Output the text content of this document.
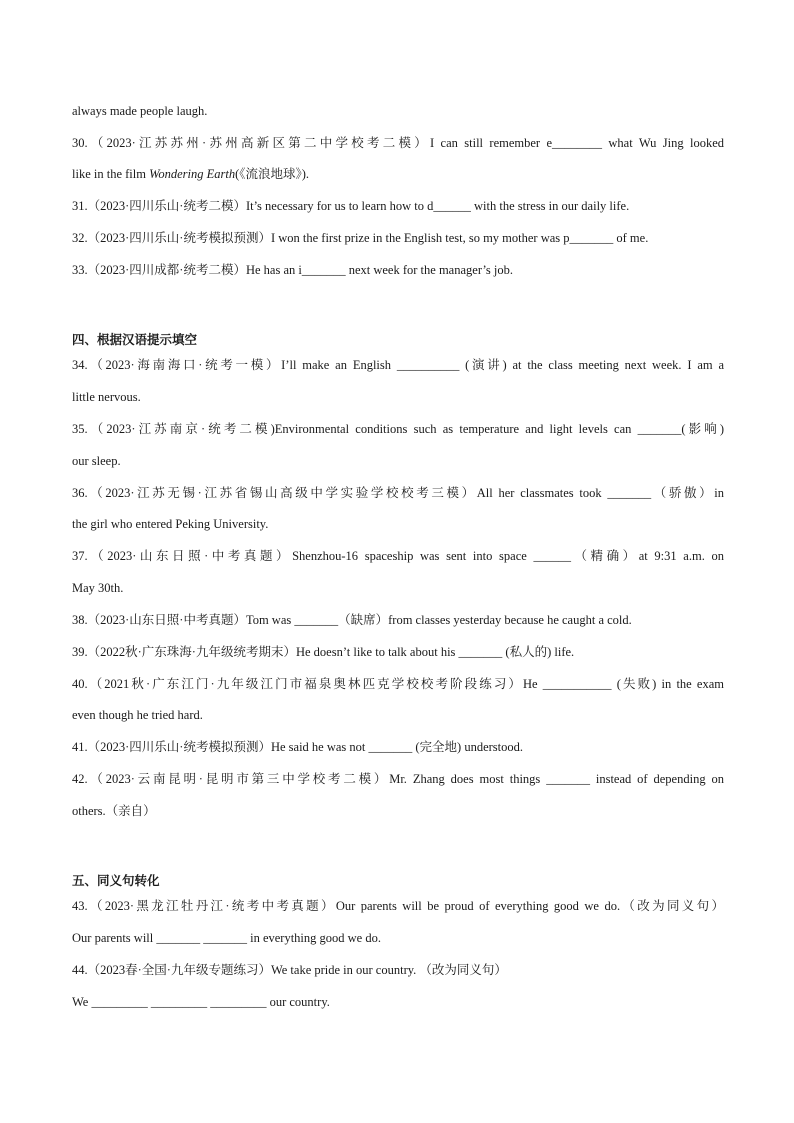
always made people laugh.
30.（2023·江苏苏州·苏州高新区第二中学校考二模）I can still remember e________ what Wu Jing looked
like in the film Wondering Earth(《流浪地球》).
31.（2023·四川乐山·统考二模）It’s necessary for us to learn how to d______ with the stress in our daily life.
32.（2023·四川乐山·统考模拟预测）I won the first prize in the English test, so my mother was p_______ of me.
33.（2023·四川成都·统考二模）He has an i_______ next week for the manager’s job.
四、根据汉语提示填空
34.（2023·海南海口·统考一模）I’ll make an English __________ (演讲) at the class meeting next week. I am a
little nervous.
35.（2023·江苏南京·统考二模)Environmental conditions such as temperature and light levels can _______(影响)
our sleep.
36.（2023·江苏无锡·江苏省锡山高级中学实验学校校考三模）All her classmates took _______（骄傲）in
the girl who entered Peking University.
37.（2023·山东日照·中考真题）Shenzhou-16 spaceship was sent into space ______（精确）at 9:31 a.m. on
May 30th.
38.（2023·山东日照·中考真题）Tom was _______（缺席）from classes yesterday because he caught a cold.
39.（2022秋·广东珠海·九年级统考期末）He doesn’t like to talk about his _______ (私人的) life.
40.（2021秋·广东江门·九年级江门市福泉奥林匹克学校校考阶段练习）He ___________ (失败) in the exam
even though he tried hard.
41.（2023·四川乐山·统考模拟预测）He said he was not _______ (完全地) understood.
42.（2023·云南昆明·昆明市第三中学校考二模）Mr. Zhang does most things _______ instead of depending on
others.（亲自）
五、同义句转化
43.（2023·黑龙江牡丹江·统考中考真题）Our parents will be proud of everything good we do.（改为同义句）
Our parents will _______ _______ in everything good we do.
44.（2023春·全国·九年级专题练习）We take pride in our country. （改为同义句）
We _________ _________ _________ our country.
